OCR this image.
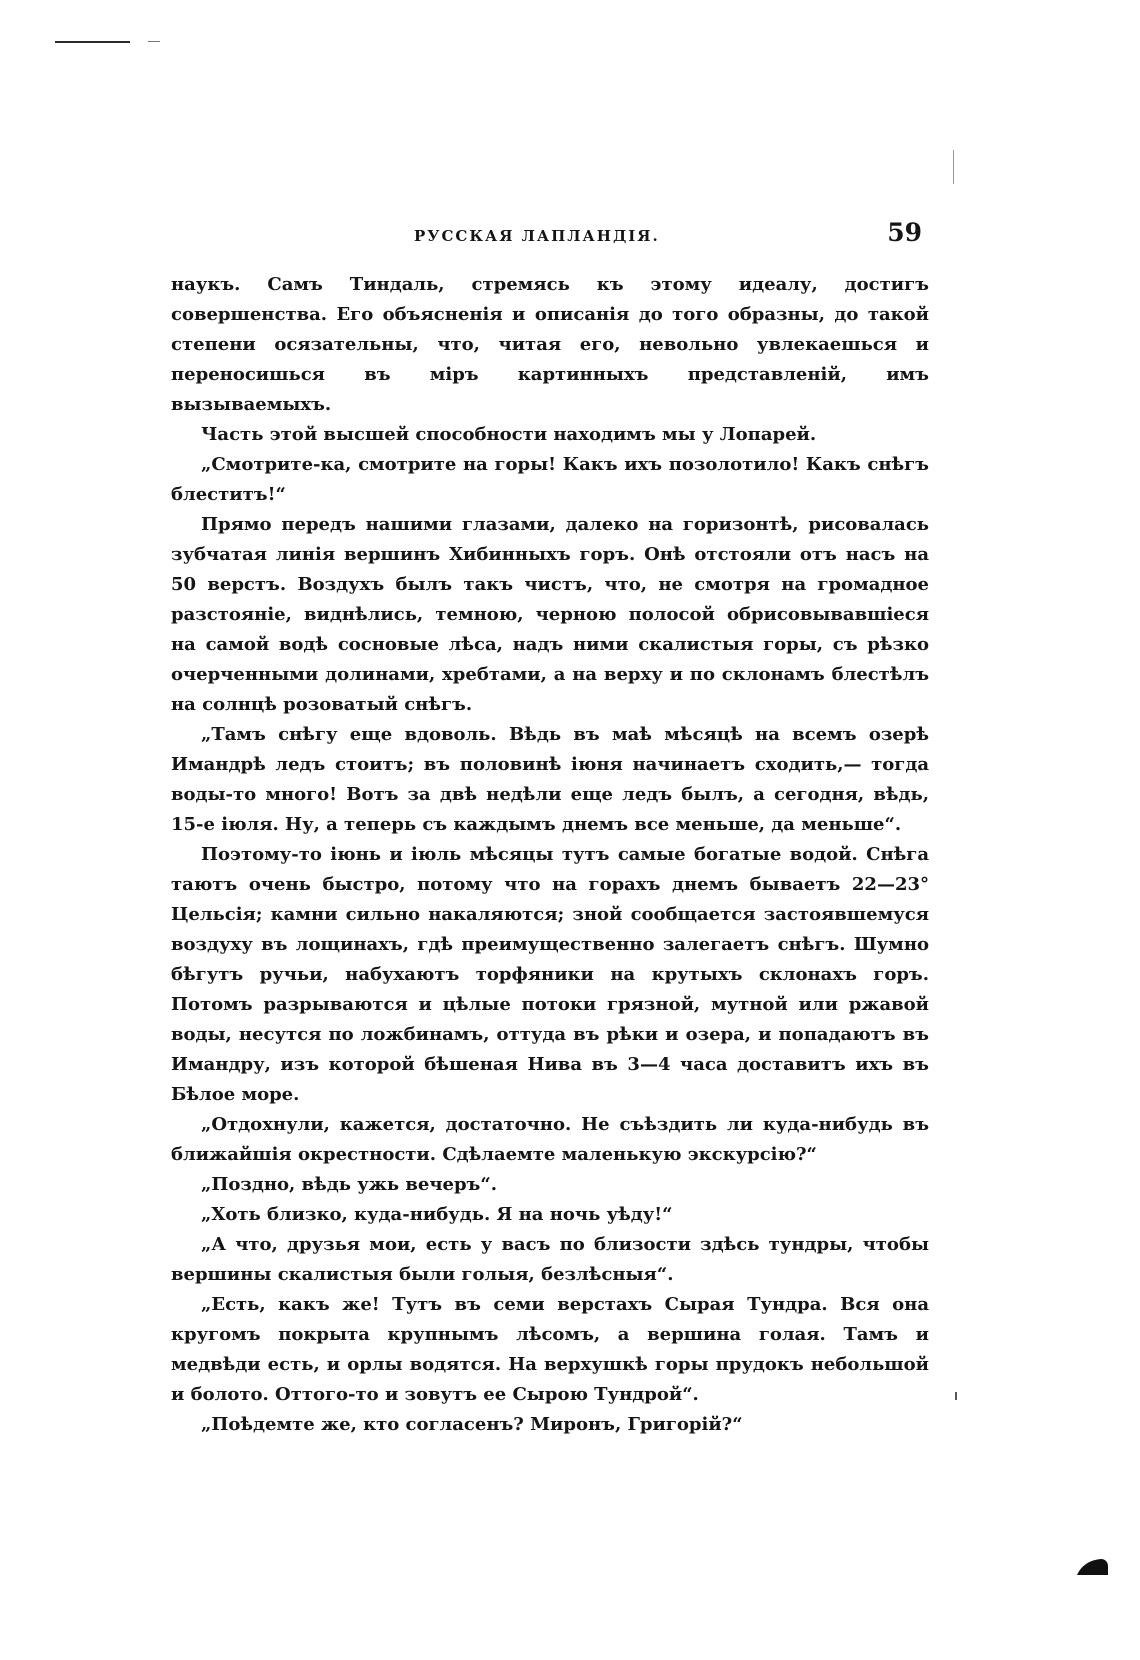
РУССКАЯ ЛАПЛАНДІЯ.	59

наукъ. Самъ Тиндаль, стремясь къ этому идеалу, достигъ совершенства. Его объясненія и описанія до того образны, до такой степени осязательны, что, читая его, невольно увлекаешься и переносишься въ міръ картинныхъ представленій, имъ вызываемыхъ.

Часть этой высшей способности находимъ мы у Лопарей.

„Смотрите-ка, смотрите на горы! Какъ ихъ позолотило! Какъ снѣгъ блеститъ!“

Прямо передъ нашими глазами, далеко на горизонтѣ, рисовалась зубчатая линія вершинъ Хибинныхъ горъ. Онѣ отстояли отъ насъ на 50 верстъ. Воздухъ былъ такъ чистъ, что, не смотря на громадное разстояніе, виднѣлись, темною, черною полосой обрисовывавшіеся на самой водѣ сосновые лѣса, надъ ними скалистыя горы, съ рѣзко очерченными долинами, хребтами, а на верху и по склонамъ блестѣлъ на солнцѣ розоватый снѣгъ.

„Тамъ снѣгу еще вдоволь. Вѣдь въ маѣ мѣсяцѣ на всемъ озерѣ Имандрѣ ледъ стоитъ; въ половинѣ іюня начинаетъ сходить,— тогда воды-то много! Вотъ за двѣ недѣли еще ледъ былъ, а сегодня, вѣдь, 15-е іюля. Ну, а теперь съ каждымъ днемъ все меньше, да меньше“.

Поэтому-то іюнь и іюль мѣсяцы тутъ самые богатые водой. Снѣга таютъ очень быстро, потому что на горахъ днемъ бываетъ 22—23° Цельсія; камни сильно накаляются; зной сообщается застоявшемуся воздуху въ лощинахъ, гдѣ преимущественно залегаетъ снѣгъ. Шумно бѣгутъ ручьи, набухаютъ торфяники на крутыхъ склонахъ горъ. Потомъ разрываются и цѣлые потоки грязной, мутной или ржавой воды, несутся по ложбинамъ, оттуда въ рѣки и озера, и попадаютъ въ Имандру, изъ которой бѣшеная Нива въ 3—4 часа доставитъ ихъ въ Бѣлое море.

„Отдохнули, кажется, достаточно. Не съѣздить ли куда-нибудь въ ближайшія окрестности. Сдѣлаемте маленькую экскурсію?“

„Поздно, вѣдь ужь вечеръ“.

„Хоть близко, куда-нибудь. Я на ночь уѣду!“

„А что, друзья мои, есть у васъ по близости здѣсь тундры, чтобы вершины скалистыя были голыя, безлѣсныя“.

„Есть, какъ же! Тутъ въ семи верстахъ Сырая Тундра. Вся она кругомъ покрыта крупнымъ лѣсомъ, а вершина голая. Тамъ и медвѣди есть, и орлы водятся. На верхушкѣ горы прудокъ небольшой и болото. Оттого-то и зовутъ ее Сырою Тундрой“.

„Поѣдемте же, кто согласенъ? Миронъ, Григорій?“
